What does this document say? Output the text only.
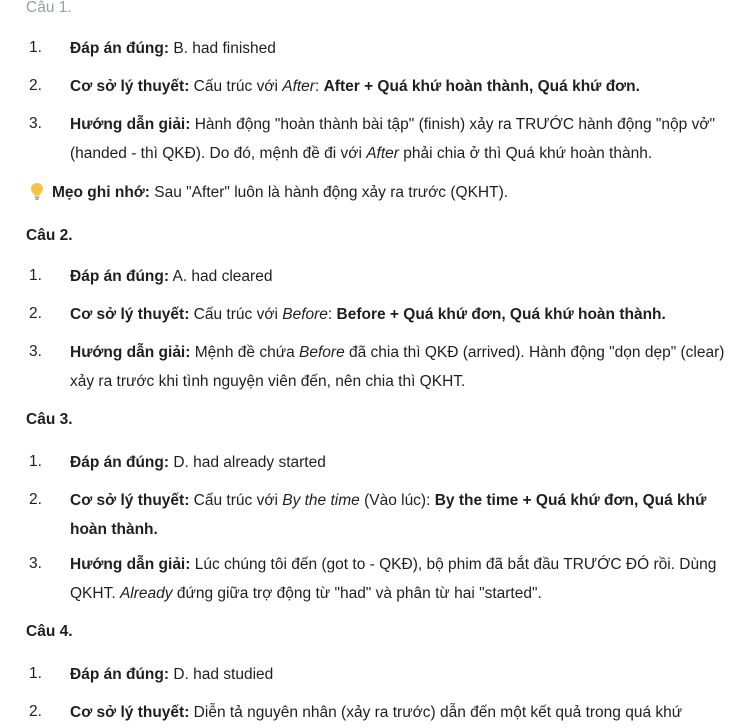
Câu 1.
1.	Đáp án đúng: B. had finished
2.	Cơ sở lý thuyết: Cấu trúc với After: After + Quá khứ hoàn thành, Quá khứ đơn.
3.	Hướng dẫn giải: Hành động "hoàn thành bài tập" (finish) xảy ra TRƯỚC hành động "nộp vở" (handed - thì QKĐ). Do đó, mệnh đề đi với After phải chia ở thì Quá khứ hoàn thành.
Mẹo ghi nhớ: Sau "After" luôn là hành động xảy ra trước (QKHT).
Câu 2.
1.	Đáp án đúng: A. had cleared
2.	Cơ sở lý thuyết: Cấu trúc với Before: Before + Quá khứ đơn, Quá khứ hoàn thành.
3.	Hướng dẫn giải: Mệnh đề chứa Before đã chia thì QKĐ (arrived). Hành động "dọn dẹp" (clear) xảy ra trước khi tình nguyện viên đến, nên chia thì QKHT.
Câu 3.
1.	Đáp án đúng: D. had already started
2.	Cơ sở lý thuyết: Cấu trúc với By the time (Vào lúc): By the time + Quá khứ đơn, Quá khứ hoàn thành.
3.	Hướng dẫn giải: Lúc chúng tôi đến (got to - QKĐ), bộ phim đã bắt đầu TRƯỚC ĐÓ rồi. Dùng QKHT. Already đứng giữa trợ động từ "had" và phân từ hai "started".
Câu 4.
1.	Đáp án đúng: D. had studied
2.	Cơ sở lý thuyết: Diễn tả nguyên nhân (xảy ra trước) dẫn đến một kết quả trong quá khứ
